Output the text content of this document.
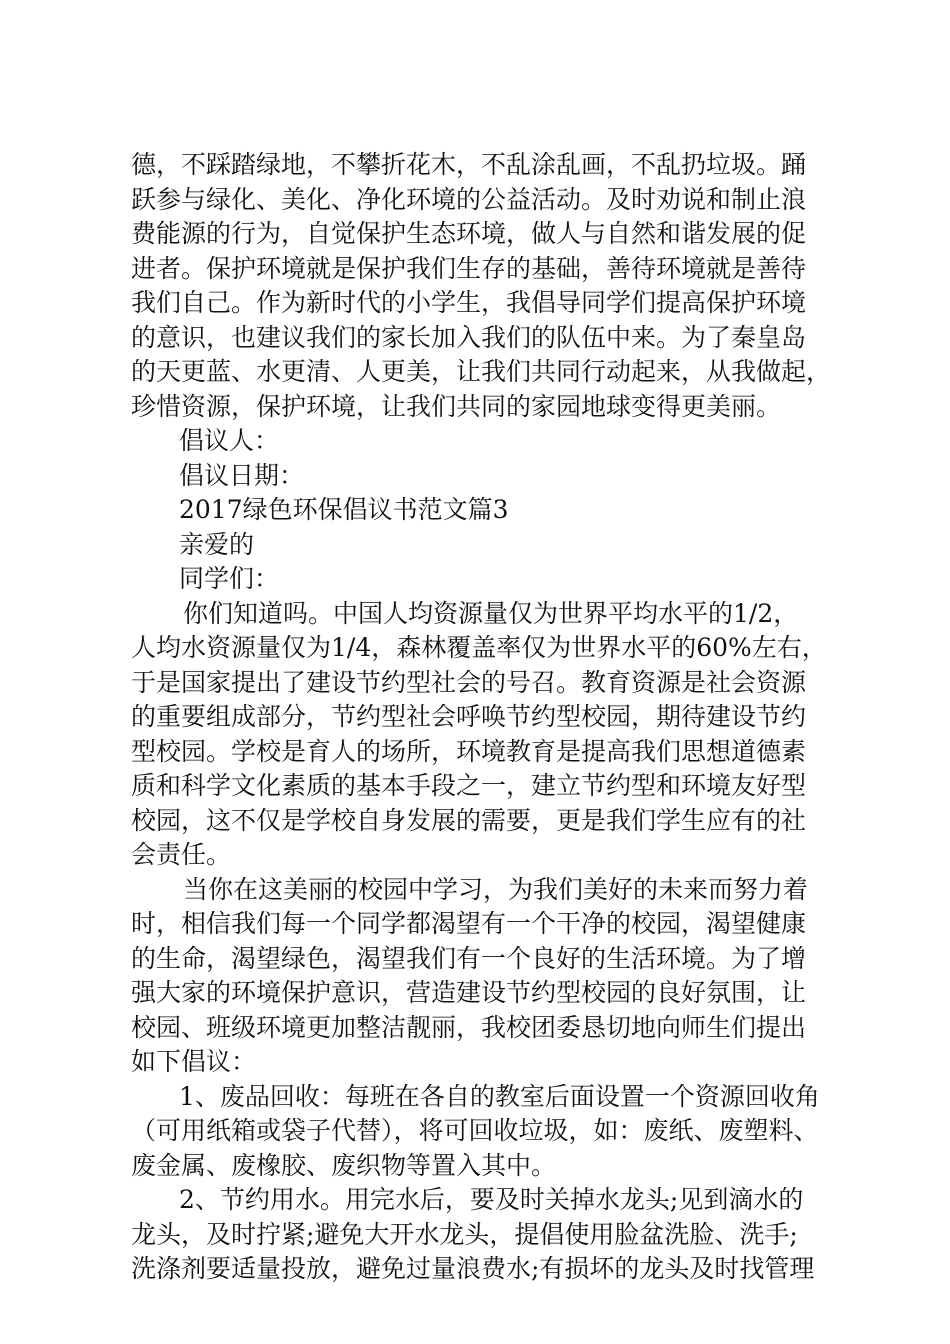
德，不踩踏绿地，不攀折花木，不乱涂乱画，不乱扔垃圾。踊
跃参与绿化、美化、净化环境的公益活动。及时劝说和制止浪
费能源的行为，自觉保护生态环境，做人与自然和谐发展的促
进者。保护环境就是保护我们生存的基础，善待环境就是善待
我们自己。作为新时代的小学生，我倡导同学们提高保护环境
的意识，也建议我们的家长加入我们的队伍中来。为了秦皇岛
的天更蓝、水更清、人更美，让我们共同行动起来，从我做起，
珍惜资源，保护环境，让我们共同的家园地球变得更美丽。
倡议人：
倡议日期：
2017绿色环保倡议书范文篇3
亲爱的
同学们：
你们知道吗。中国人均资源量仅为世界平均水平的1/2，
人均水资源量仅为1/4，森林覆盖率仅为世界水平的60%左右，
于是国家提出了建设节约型社会的号召。教育资源是社会资源
的重要组成部分，节约型社会呼唤节约型校园，期待建设节约
型校园。学校是育人的场所，环境教育是提高我们思想道德素
质和科学文化素质的基本手段之一，建立节约型和环境友好型
校园，这不仅是学校自身发展的需要，更是我们学生应有的社
会责任。
当你在这美丽的校园中学习，为我们美好的未来而努力着
时，相信我们每一个同学都渴望有一个干净的校园，渴望健康
的生命，渴望绿色，渴望我们有一个良好的生活环境。为了增
强大家的环境保护意识，营造建设节约型校园的良好氛围，让
校园、班级环境更加整洁靓丽，我校团委恳切地向师生们提出
如下倡议：
1、废品回收：每班在各自的教室后面设置一个资源回收角
（可用纸箱或袋子代替），将可回收垃圾，如：废纸、废塑料、
废金属、废橡胶、废织物等置入其中。
2、节约用水。用完水后，要及时关掉水龙头;见到滴水的
龙头，及时拧紧;避免大开水龙头，提倡使用脸盆洗脸、洗手;
洗涤剂要适量投放，避免过量浪费水;有损坏的龙头及时找管理
